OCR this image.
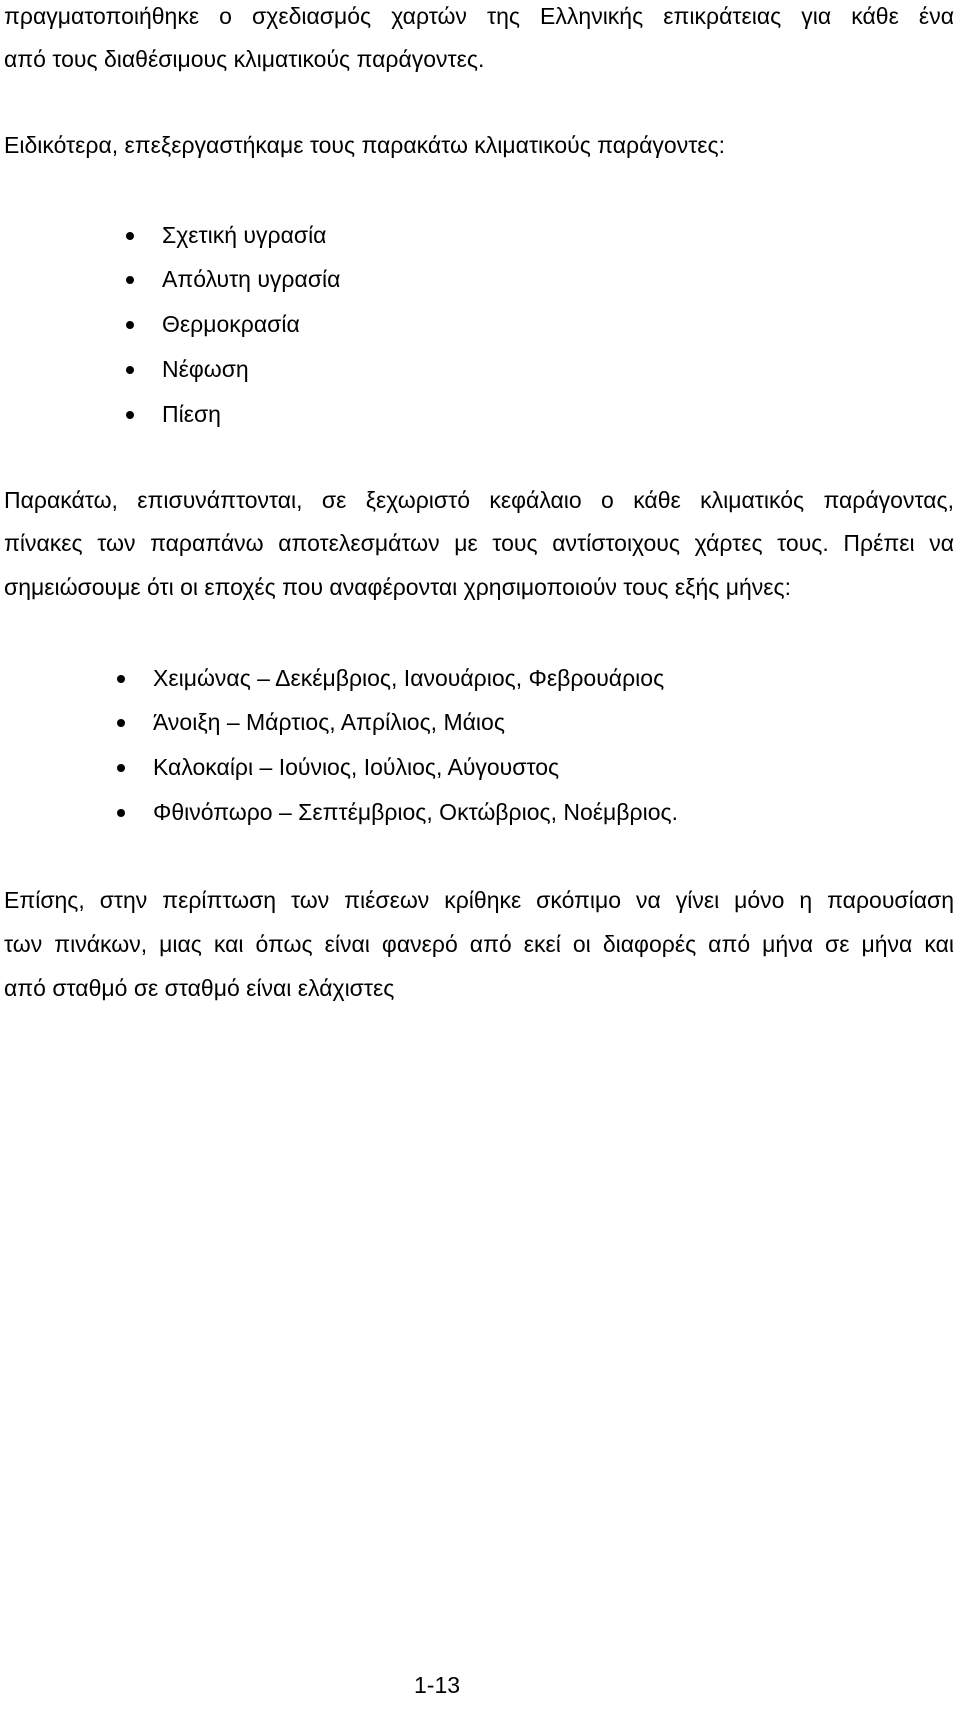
πραγματοποιήθηκε ο σχεδιασμός χαρτών της Ελληνικής επικράτειας για κάθε ένα

από τους διαθέσιμους κλιματικούς παράγοντες.

Ειδικότερα, επεξεργαστήκαμε τους παρακάτω κλιματικούς παράγοντες:

Σχετική υγρασία
Απόλυτη υγρασία
Θερμοκρασία
Νέφωση
Πίεση

Παρακάτω, επισυνάπτονται, σε ξεχωριστό κεφάλαιο ο κάθε κλιματικός παράγοντας,

πίνακες των παραπάνω αποτελεσμάτων με τους αντίστοιχους χάρτες τους. Πρέπει να

σημειώσουμε ότι οι εποχές που αναφέρονται χρησιμοποιούν τους εξής μήνες:

Χειμώνας – Δεκέμβριος, Ιανουάριος, Φεβρουάριος
Άνοιξη – Μάρτιος, Απρίλιος, Μάιος
Καλοκαίρι – Ιούνιος, Ιούλιος, Αύγουστος
Φθινόπωρο – Σεπτέμβριος, Οκτώβριος, Νοέμβριος.

Επίσης, στην περίπτωση των πιέσεων κρίθηκε σκόπιμο να γίνει μόνο η παρουσίαση

των πινάκων, μιας και όπως είναι φανερό από εκεί οι διαφορές από μήνα σε μήνα και

από σταθμό σε σταθμό είναι ελάχιστες

1-13
